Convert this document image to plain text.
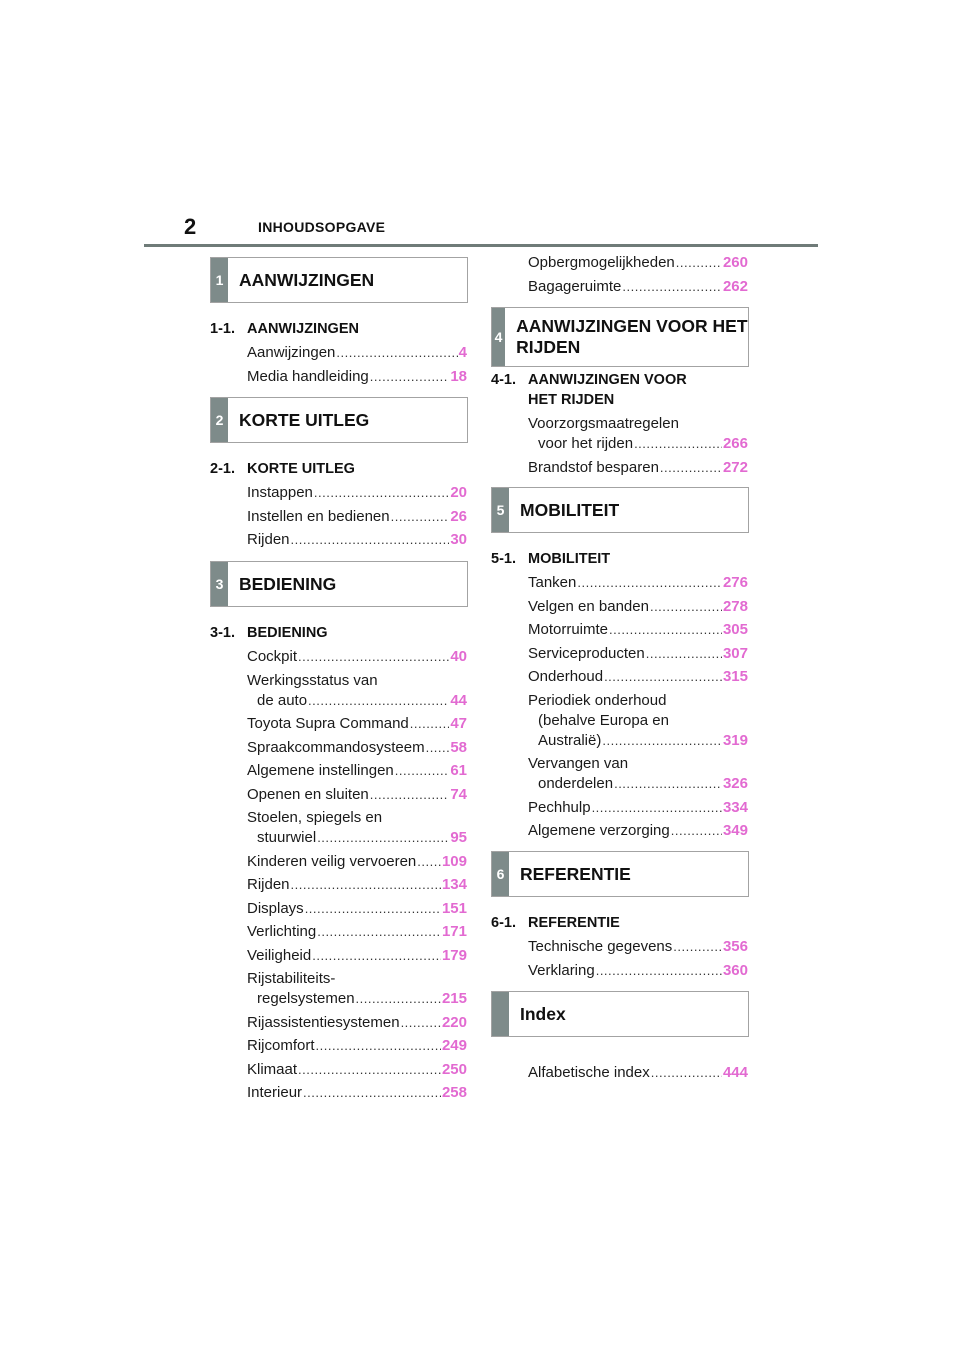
2	INHOUDSOPGAVE
1 AANWIJZINGEN
1-1. AANWIJZINGEN
Aanwijzingen .....	4
Media handleiding .....	18
2 KORTE UITLEG
2-1. KORTE UITLEG
Instappen .....	20
Instellen en bedienen .....	26
Rijden .....	30
3 BEDIENING
3-1. BEDIENING
Cockpit .....	40
Werkingsstatus van
de auto .....	44
Toyota Supra Command .....	47
Spraakcommandosysteem ..... 58
Algemene instellingen .....	61
Openen en sluiten .....	74
Stoelen, spiegels en
stuurwiel .....	95
Kinderen veilig vervoeren ..... 109
Rijden .....	134
Displays .....	151
Verlichting .....	171
Veiligheid .....	179
Rijstabiliteits-
regelsystemen .....	215
Rijassistentiesystemen .....	220
Rijcomfort .....	249
Klimaat .....	250
Interieur .....	258
Opbergmogelijkheden .....	260
Bagageruimte .....	262
4
AANWIJZINGEN VOOR HET RIJDEN
4-1. AANWIJZINGEN VOOR
HET RIJDEN
Voorzorgsmaatregelen
voor het rijden .....	266
Brandstof besparen .....	272
5 MOBILITEIT
5-1. MOBILITEIT
Tanken .....	276
Velgen en banden .....	278
Motorruimte .....	305
Serviceproducten .....	307
Onderhoud .....	315
Periodiek onderhoud
(behalve Europa en
Australië) .....	319
Vervangen van
onderdelen .....	326
Pechhulp .....	334
Algemene verzorging .....	349
6 REFERENTIE
6-1. REFERENTIE
Technische gegevens .....	356
Verklaring .....	360
Index
Alfabetische index .....	444
